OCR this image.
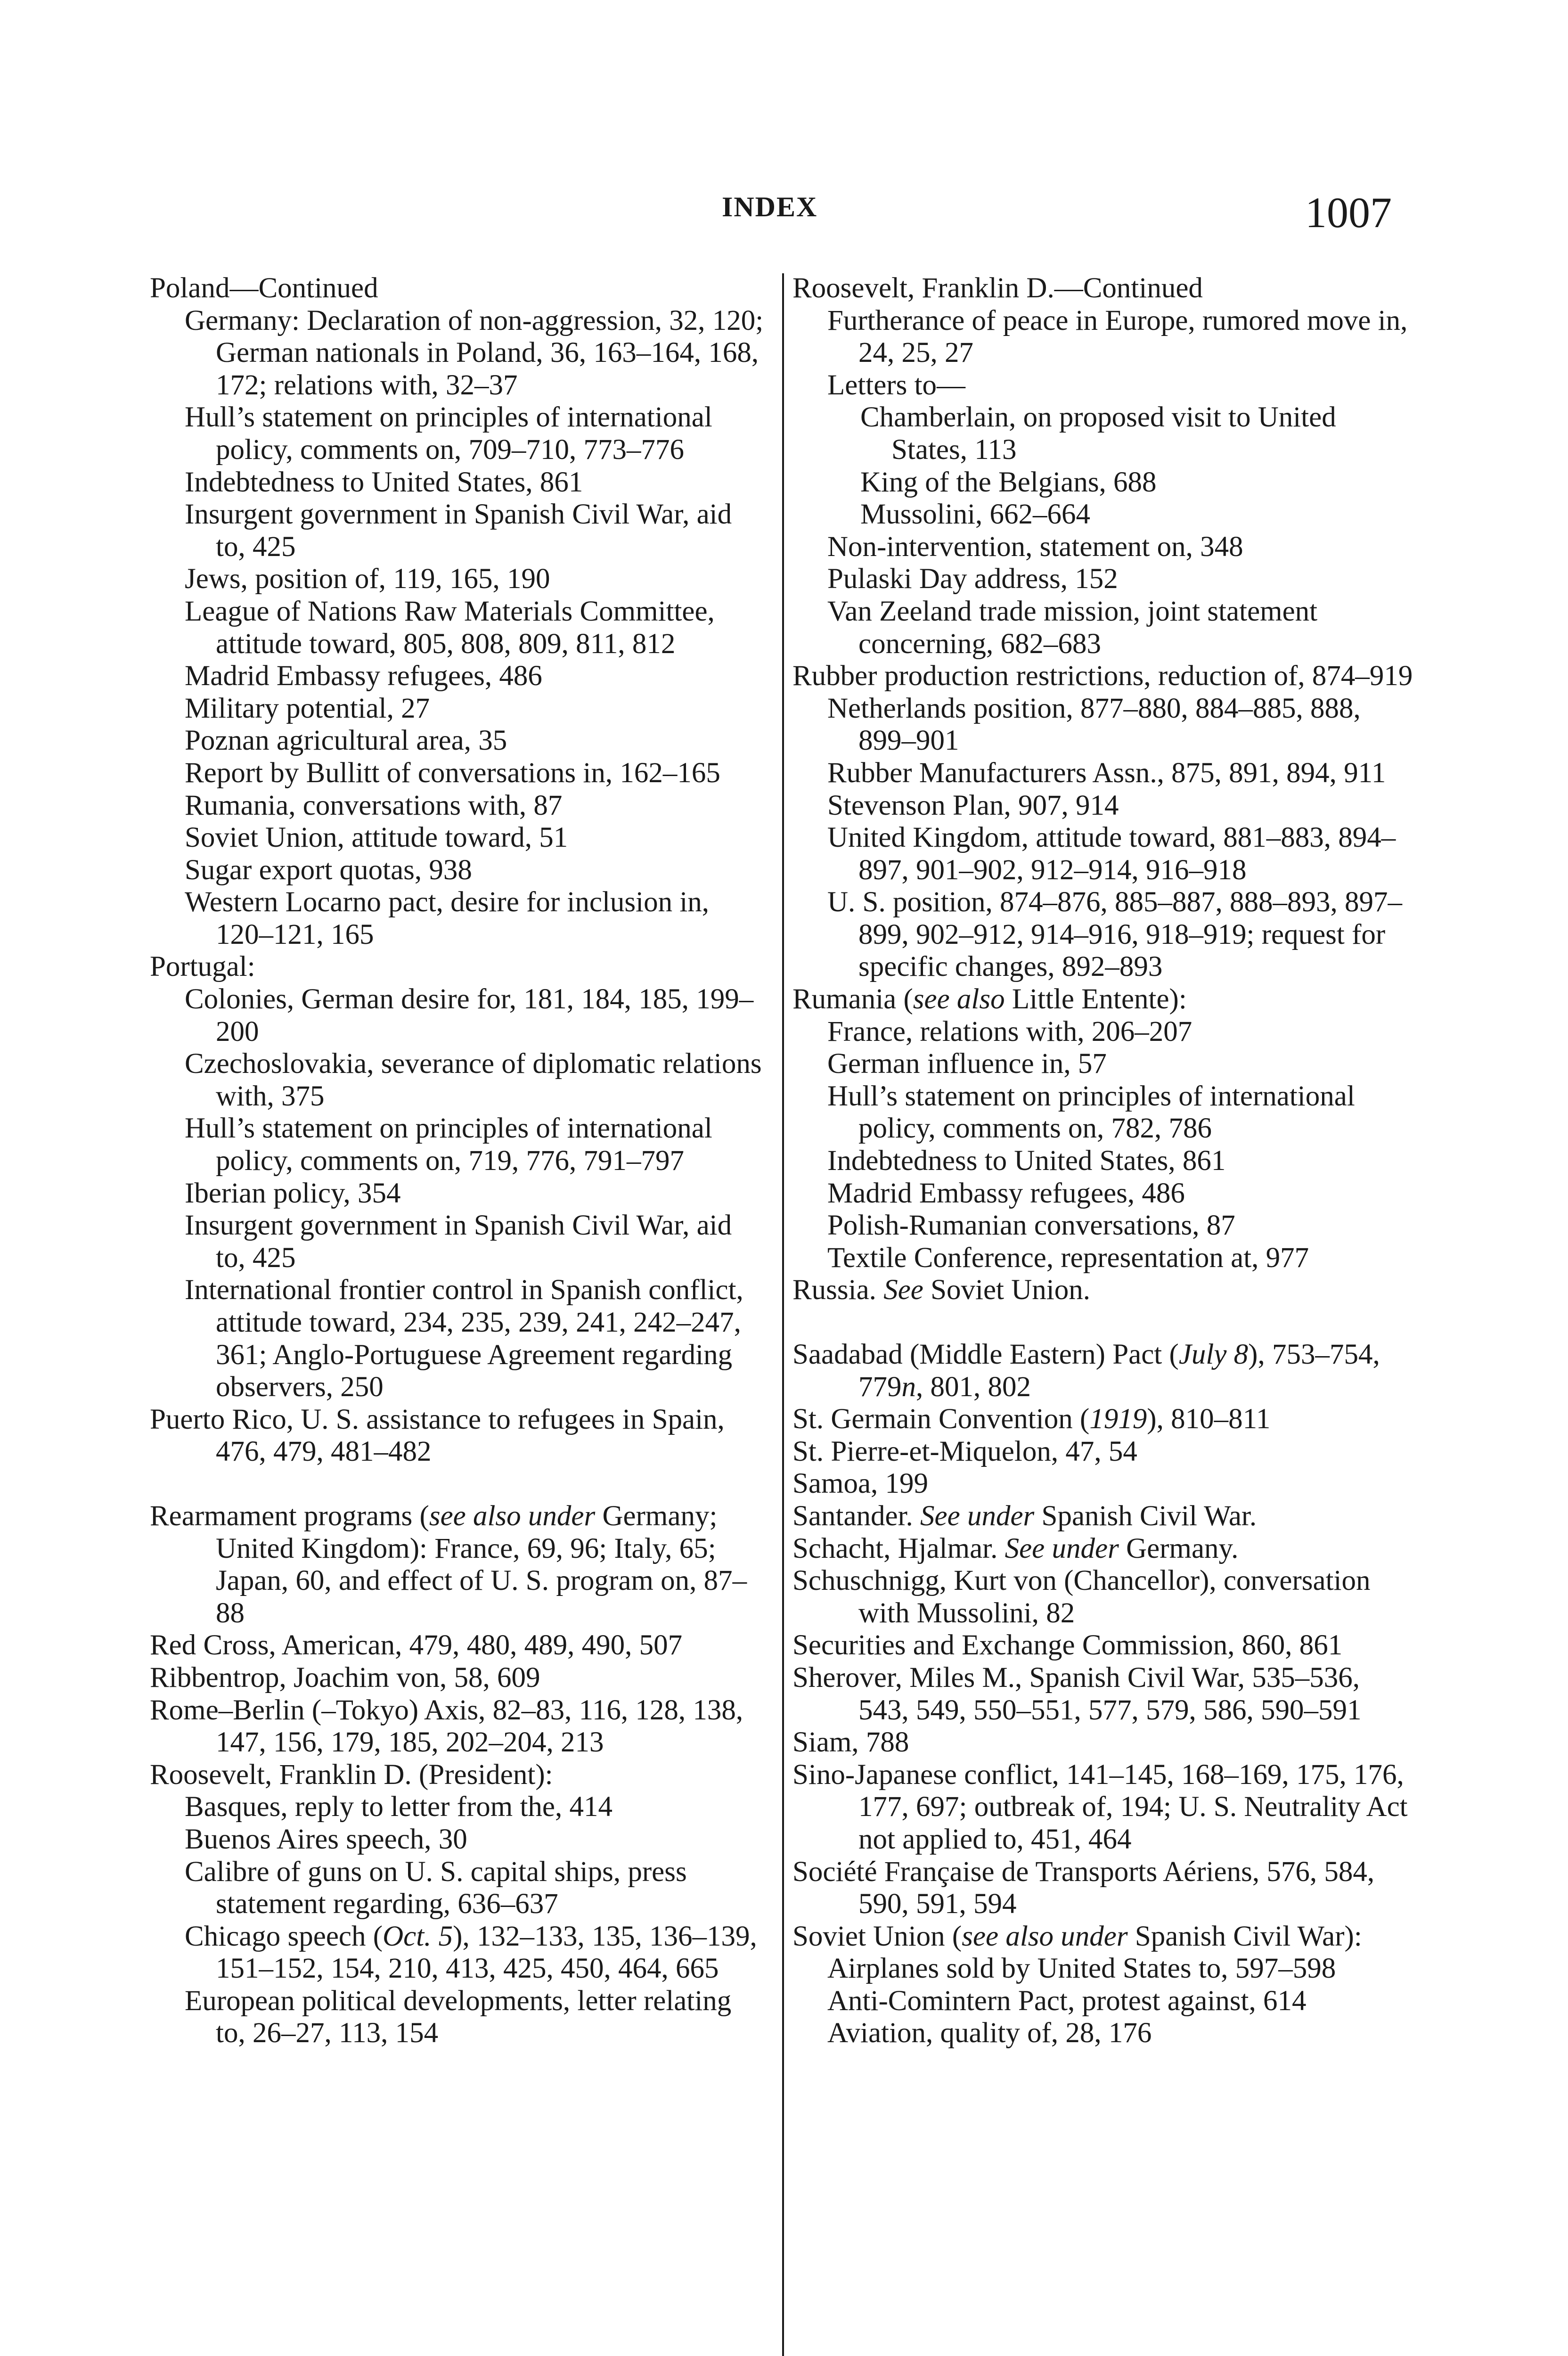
INDEX	1007
Poland—Continued
Germany: Declaration of non-aggression, 32, 120; German nationals in Poland, 36, 163–164, 168, 172; relations with, 32–37
Hull’s statement on principles of international policy, comments on, 709–710, 773–776
Indebtedness to United States, 861
Insurgent government in Spanish Civil War, aid to, 425
Jews, position of, 119, 165, 190
League of Nations Raw Materials Committee, attitude toward, 805, 808, 809, 811, 812
Madrid Embassy refugees, 486
Military potential, 27
Poznan agricultural area, 35
Report by Bullitt of conversations in, 162–165
Rumania, conversations with, 87
Soviet Union, attitude toward, 51
Sugar export quotas, 938
Western Locarno pact, desire for inclusion in, 120–121, 165
Portugal:
Colonies, German desire for, 181, 184, 185, 199–200
Czechoslovakia, severance of diplomatic relations with, 375
Hull’s statement on principles of international policy, comments on, 719, 776, 791–797
Iberian policy, 354
Insurgent government in Spanish Civil War, aid to, 425
International frontier control in Spanish conflict, attitude toward, 234, 235, 239, 241, 242–247, 361; Anglo-Portuguese Agreement regarding observers, 250
Puerto Rico, U. S. assistance to refugees in Spain, 476, 479, 481–482
Rearmament programs (see also under Germany; United Kingdom): France, 69, 96; Italy, 65; Japan, 60, and effect of U. S. program on, 87–88
Red Cross, American, 479, 480, 489, 490, 507
Ribbentrop, Joachim von, 58, 609
Rome–Berlin (–Tokyo) Axis, 82–83, 116, 128, 138, 147, 156, 179, 185, 202–204, 213
Roosevelt, Franklin D. (President):
Basques, reply to letter from the, 414
Buenos Aires speech, 30
Calibre of guns on U. S. capital ships, press statement regarding, 636–637
Chicago speech (Oct. 5), 132–133, 135, 136–139, 151–152, 154, 210, 413, 425, 450, 464, 665
European political developments, letter relating to, 26–27, 113, 154
Roosevelt, Franklin D.—Continued
Furtherance of peace in Europe, rumored move in, 24, 25, 27
Letters to—
Chamberlain, on proposed visit to United States, 113
King of the Belgians, 688
Mussolini, 662–664
Non-intervention, statement on, 348
Pulaski Day address, 152
Van Zeeland trade mission, joint statement concerning, 682–683
Rubber production restrictions, reduction of, 874–919
Netherlands position, 877–880, 884–885, 888, 899–901
Rubber Manufacturers Assn., 875, 891, 894, 911
Stevenson Plan, 907, 914
United Kingdom, attitude toward, 881–883, 894–897, 901–902, 912–914, 916–918
U. S. position, 874–876, 885–887, 888–893, 897–899, 902–912, 914–916, 918–919; request for specific changes, 892–893
Rumania (see also Little Entente):
France, relations with, 206–207
German influence in, 57
Hull’s statement on principles of international policy, comments on, 782, 786
Indebtedness to United States, 861
Madrid Embassy refugees, 486
Polish-Rumanian conversations, 87
Textile Conference, representation at, 977
Russia. See Soviet Union.
Saadabad (Middle Eastern) Pact (July 8), 753–754, 779n, 801, 802
St. Germain Convention (1919), 810–811
St. Pierre-et-Miquelon, 47, 54
Samoa, 199
Santander. See under Spanish Civil War.
Schacht, Hjalmar. See under Germany.
Schuschnigg, Kurt von (Chancellor), conversation with Mussolini, 82
Securities and Exchange Commission, 860, 861
Sherover, Miles M., Spanish Civil War, 535–536, 543, 549, 550–551, 577, 579, 586, 590–591
Siam, 788
Sino-Japanese conflict, 141–145, 168–169, 175, 176, 177, 697; outbreak of, 194; U. S. Neutrality Act not applied to, 451, 464
Société Française de Transports Aériens, 576, 584, 590, 591, 594
Soviet Union (see also under Spanish Civil War):
Airplanes sold by United States to, 597–598
Anti-Comintern Pact, protest against, 614
Aviation, quality of, 28, 176
